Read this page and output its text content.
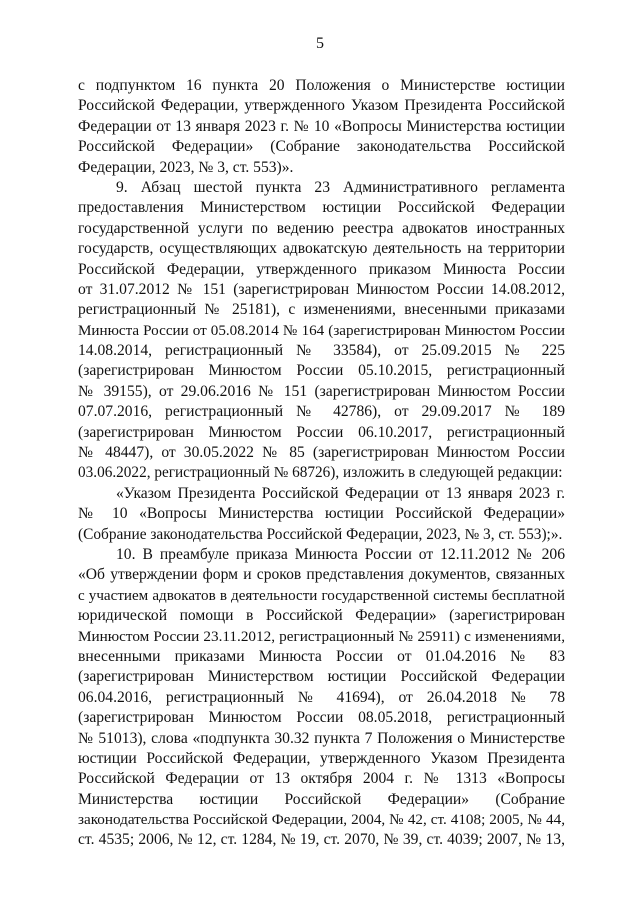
5
с подпунктом 16 пункта 20 Положения о Министерстве юстиции
Российской Федерации, утвержденного Указом Президента Российской
Федерации от 13 января 2023 г. № 10 «Вопросы Министерства юстиции
Российской Федерации» (Собрание законодательства Российской
Федерации, 2023, № 3, ст. 553)».
9. Абзац шестой пункта 23 Административного регламента
предоставления Министерством юстиции Российской Федерации
государственной услуги по ведению реестра адвокатов иностранных
государств, осуществляющих адвокатскую деятельность на территории
Российской Федерации, утвержденного приказом Минюста России
от 31.07.2012 № 151 (зарегистрирован Минюстом России 14.08.2012,
регистрационный № 25181), с изменениями, внесенными приказами
Минюста России от 05.08.2014 № 164 (зарегистрирован Минюстом России
14.08.2014, регистрационный № 33584), от 25.09.2015 № 225
(зарегистрирован Минюстом России 05.10.2015, регистрационный
№ 39155), от 29.06.2016 № 151 (зарегистрирован Минюстом России
07.07.2016, регистрационный № 42786), от 29.09.2017 № 189
(зарегистрирован Минюстом России 06.10.2017, регистрационный
№ 48447), от 30.05.2022 № 85 (зарегистрирован Минюстом России
03.06.2022, регистрационный № 68726), изложить в следующей редакции:
«Указом Президента Российской Федерации от 13 января 2023 г.
№ 10 «Вопросы Министерства юстиции Российской Федерации»
(Собрание законодательства Российской Федерации, 2023, № 3, ст. 553);».
10. В преамбуле приказа Минюста России от 12.11.2012 № 206
«Об утверждении форм и сроков представления документов, связанных
с участием адвокатов в деятельности государственной системы бесплатной
юридической помощи в Российской Федерации» (зарегистрирован
Минюстом России 23.11.2012, регистрационный № 25911) с изменениями,
внесенными приказами Минюста России от 01.04.2016 № 83
(зарегистрирован Министерством юстиции Российской Федерации
06.04.2016, регистрационный № 41694), от 26.04.2018 № 78
(зарегистрирован Минюстом России 08.05.2018, регистрационный
№ 51013), слова «подпункта 30.32 пункта 7 Положения о Министерстве
юстиции Российской Федерации, утвержденного Указом Президента
Российской Федерации от 13 октября 2004 г. № 1313 «Вопросы
Министерства юстиции Российской Федерации» (Собрание
законодательства Российской Федерации, 2004, № 42, ст. 4108; 2005, № 44,
ст. 4535; 2006, № 12, ст. 1284, № 19, ст. 2070, № 39, ст. 4039; 2007, № 13,
